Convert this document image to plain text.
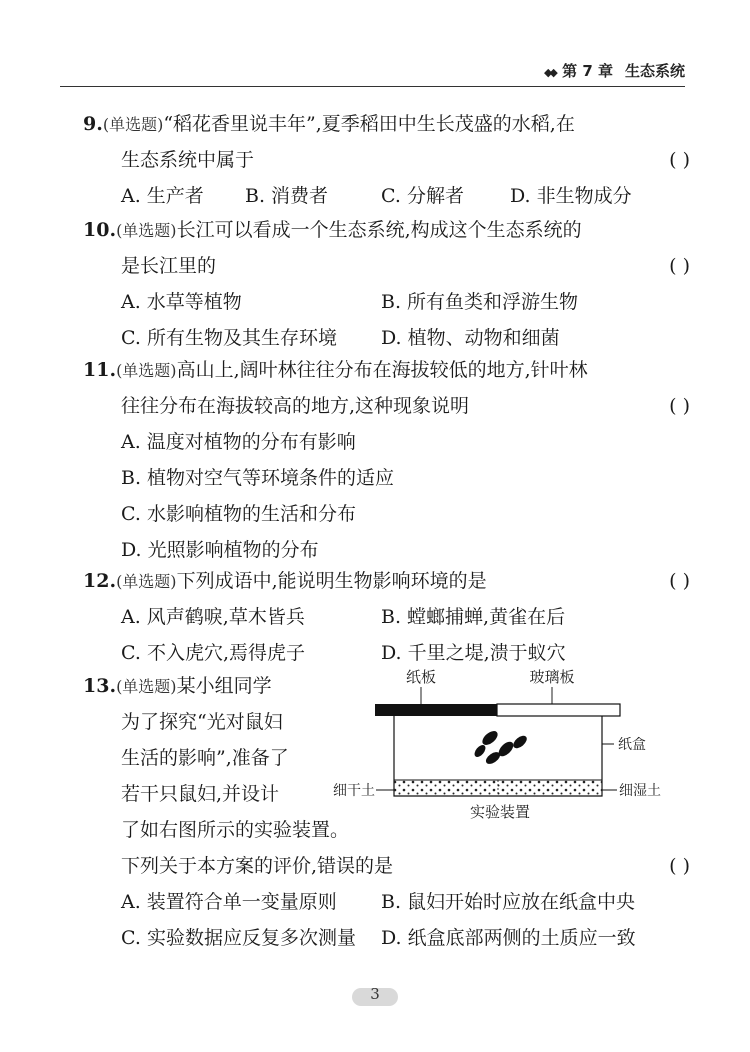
◆◆ 第 7 章 生态系统
9.(单选题)“稻花香里说丰年”,夏季稻田中生长茂盛的水稻,在
生态系统中属于	( )
A. 生产者 B. 消费者	C. 分解者 D. 非生物成分
10.(单选题)长江可以看成一个生态系统,构成这个生态系统的
是长江里的	( )
A. 水草等植物	B. 所有鱼类和浮游生物
C. 所有生物及其生存环境 D. 植物、动物和细菌
11.(单选题)高山上,阔叶林往往分布在海拔较低的地方,针叶林
往往分布在海拔较高的地方,这种现象说明	( )
A. 温度对植物的分布有影响
B. 植物对空气等环境条件的适应
C. 水影响植物的生活和分布
D. 光照影响植物的分布
12.(单选题)下列成语中,能说明生物影响环境的是	( )
A. 风声鹤唳,草木皆兵	B. 螳螂捕蝉,黄雀在后
C. 不入虎穴,焉得虎子	D. 千里之堤,溃于蚁穴
13.(单选题)某小组同学
为了探究“光对鼠妇
生活的影响”,准备了
若干只鼠妇,并设计
了如右图所示的实验装置。
下列关于本方案的评价,错误的是	( )
A. 装置符合单一变量原则 B. 鼠妇开始时应放在纸盒中央
C. 实验数据应反复多次测量 D. 纸盒底部两侧的土质应一致
纸板	玻璃板
纸盒
细干土	细湿土
实验装置
3
